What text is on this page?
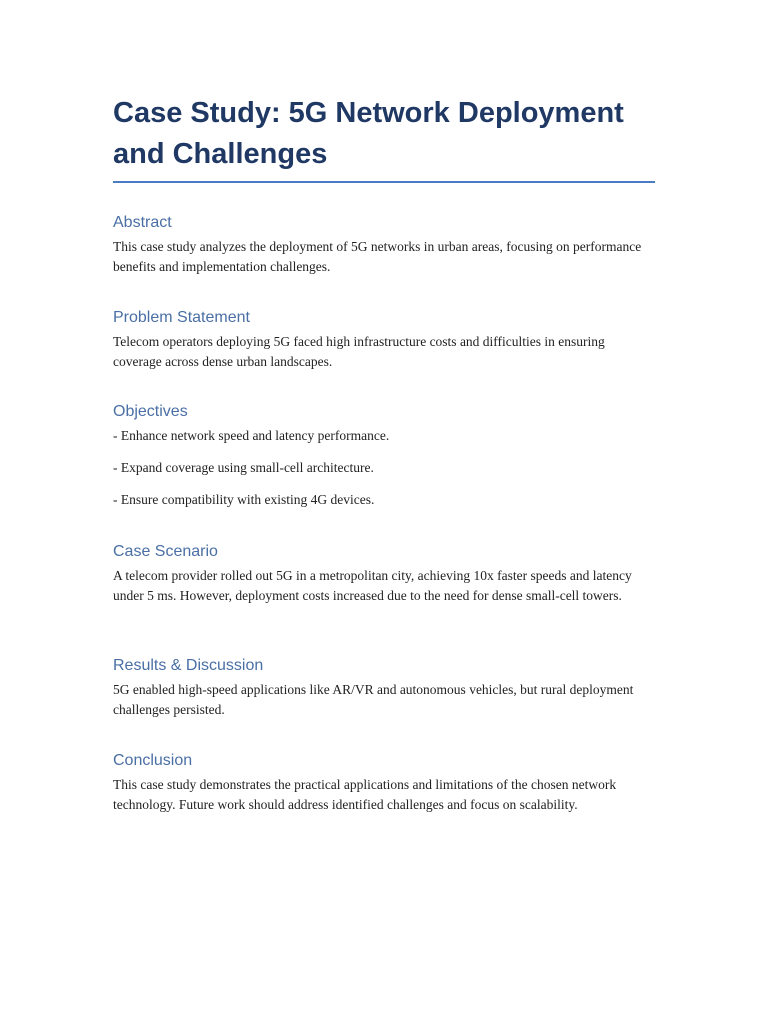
Case Study: 5G Network Deployment and Challenges
Abstract

This case study analyzes the deployment of 5G networks in urban areas, focusing on performance benefits and implementation challenges.

Problem Statement

Telecom operators deploying 5G faced high infrastructure costs and difficulties in ensuring coverage across dense urban landscapes.

Objectives

- Enhance network speed and latency performance.

- Expand coverage using small-cell architecture.

- Ensure compatibility with existing 4G devices.

Case Scenario

A telecom provider rolled out 5G in a metropolitan city, achieving 10x faster speeds and latency under 5 ms. However, deployment costs increased due to the need for dense small-cell towers.

Results & Discussion

5G enabled high-speed applications like AR/VR and autonomous vehicles, but rural deployment challenges persisted.

Conclusion

This case study demonstrates the practical applications and limitations of the chosen network technology. Future work should address identified challenges and focus on scalability.
